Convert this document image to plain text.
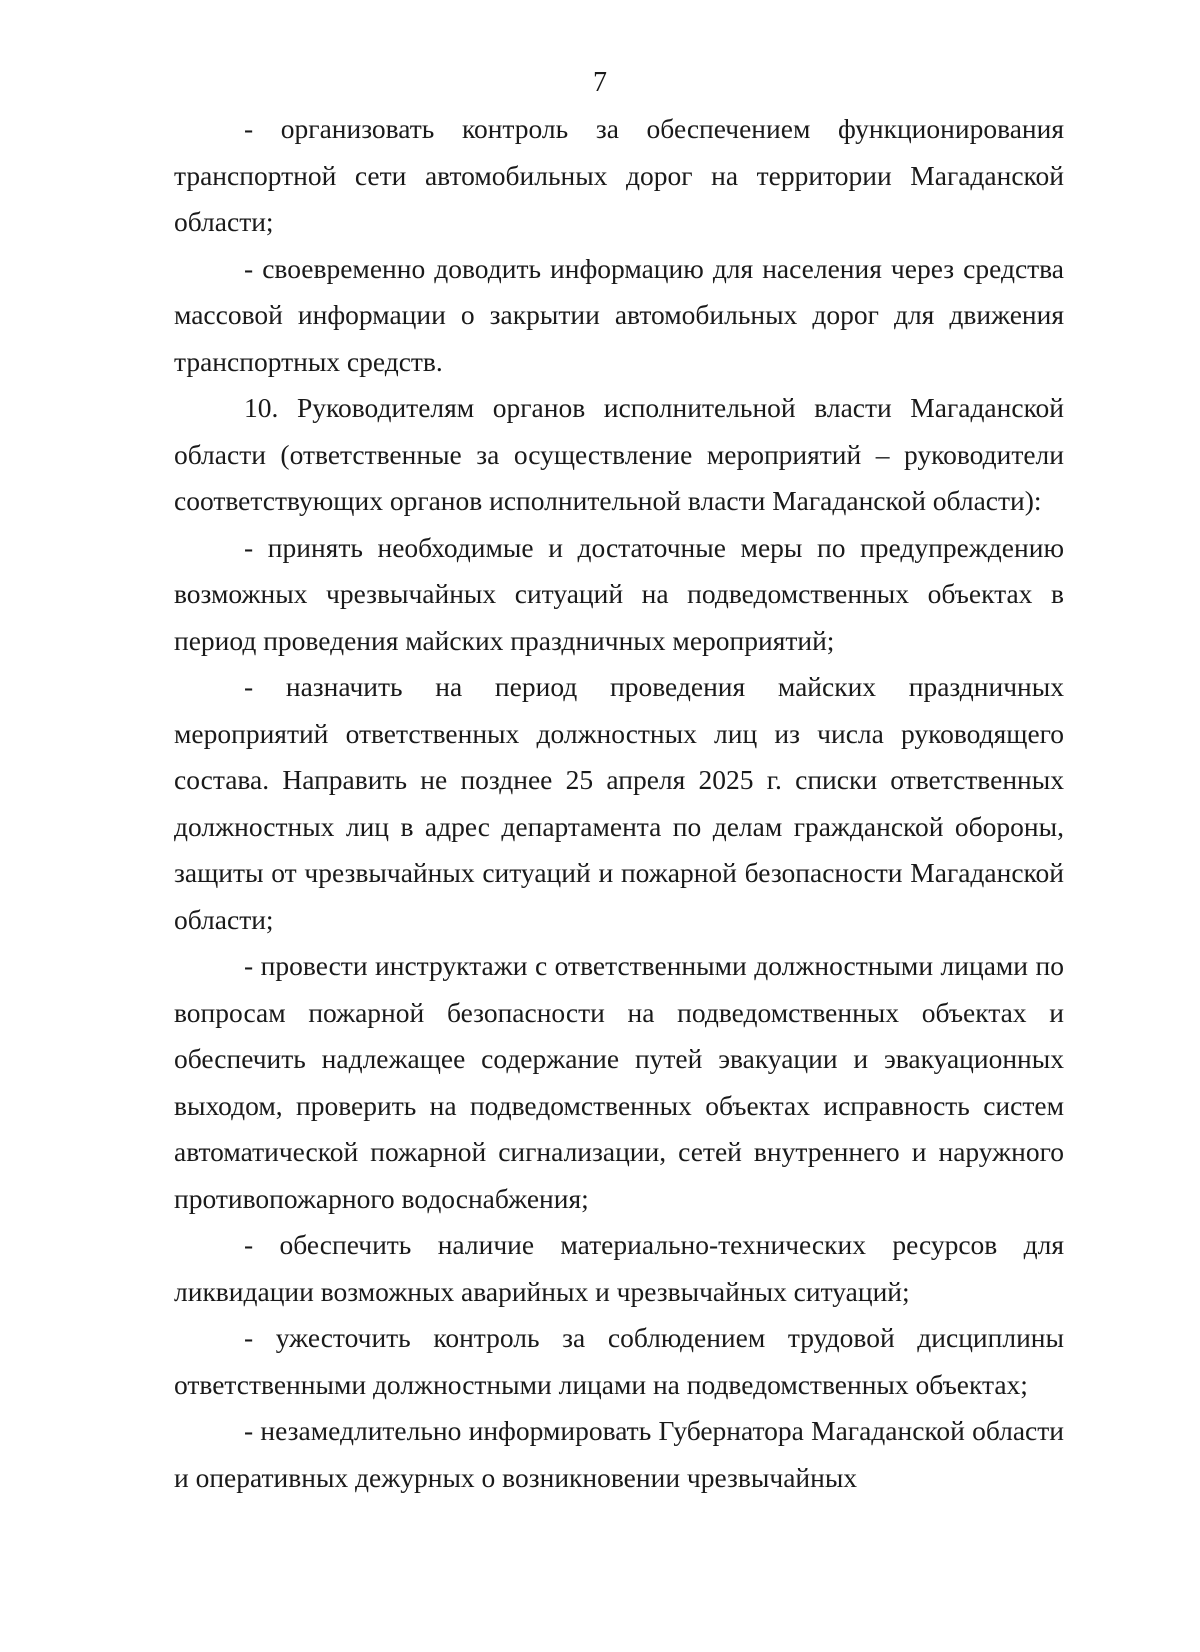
7

- организовать контроль за обеспечением функционирования транспортной сети автомобильных дорог на территории Магаданской области;

- своевременно доводить информацию для населения через средства массовой информации о закрытии автомобильных дорог для движения транспортных средств.

10. Руководителям органов исполнительной власти Магаданской области (ответственные за осуществление мероприятий – руководители соответствующих органов исполнительной власти Магаданской области):

- принять необходимые и достаточные меры по предупреждению возможных чрезвычайных ситуаций на подведомственных объектах в период проведения майских праздничных мероприятий;

- назначить на период проведения майских праздничных мероприятий ответственных должностных лиц из числа руководящего состава. Направить не позднее 25 апреля 2025 г. списки ответственных должностных лиц в адрес департамента по делам гражданской обороны, защиты от чрезвычайных ситуаций и пожарной безопасности Магаданской области;

- провести инструктажи с ответственными должностными лицами по вопросам пожарной безопасности на подведомственных объектах и обеспечить надлежащее содержание путей эвакуации и эвакуационных выходом, проверить на подведомственных объектах исправность систем автоматической пожарной сигнализации, сетей внутреннего и наружного противопожарного водоснабжения;

- обеспечить наличие материально-технических ресурсов для ликвидации возможных аварийных и чрезвычайных ситуаций;

- ужесточить контроль за соблюдением трудовой дисциплины ответственными должностными лицами на подведомственных объектах;

- незамедлительно информировать Губернатора Магаданской области и оперативных дежурных о возникновении чрезвычайных
